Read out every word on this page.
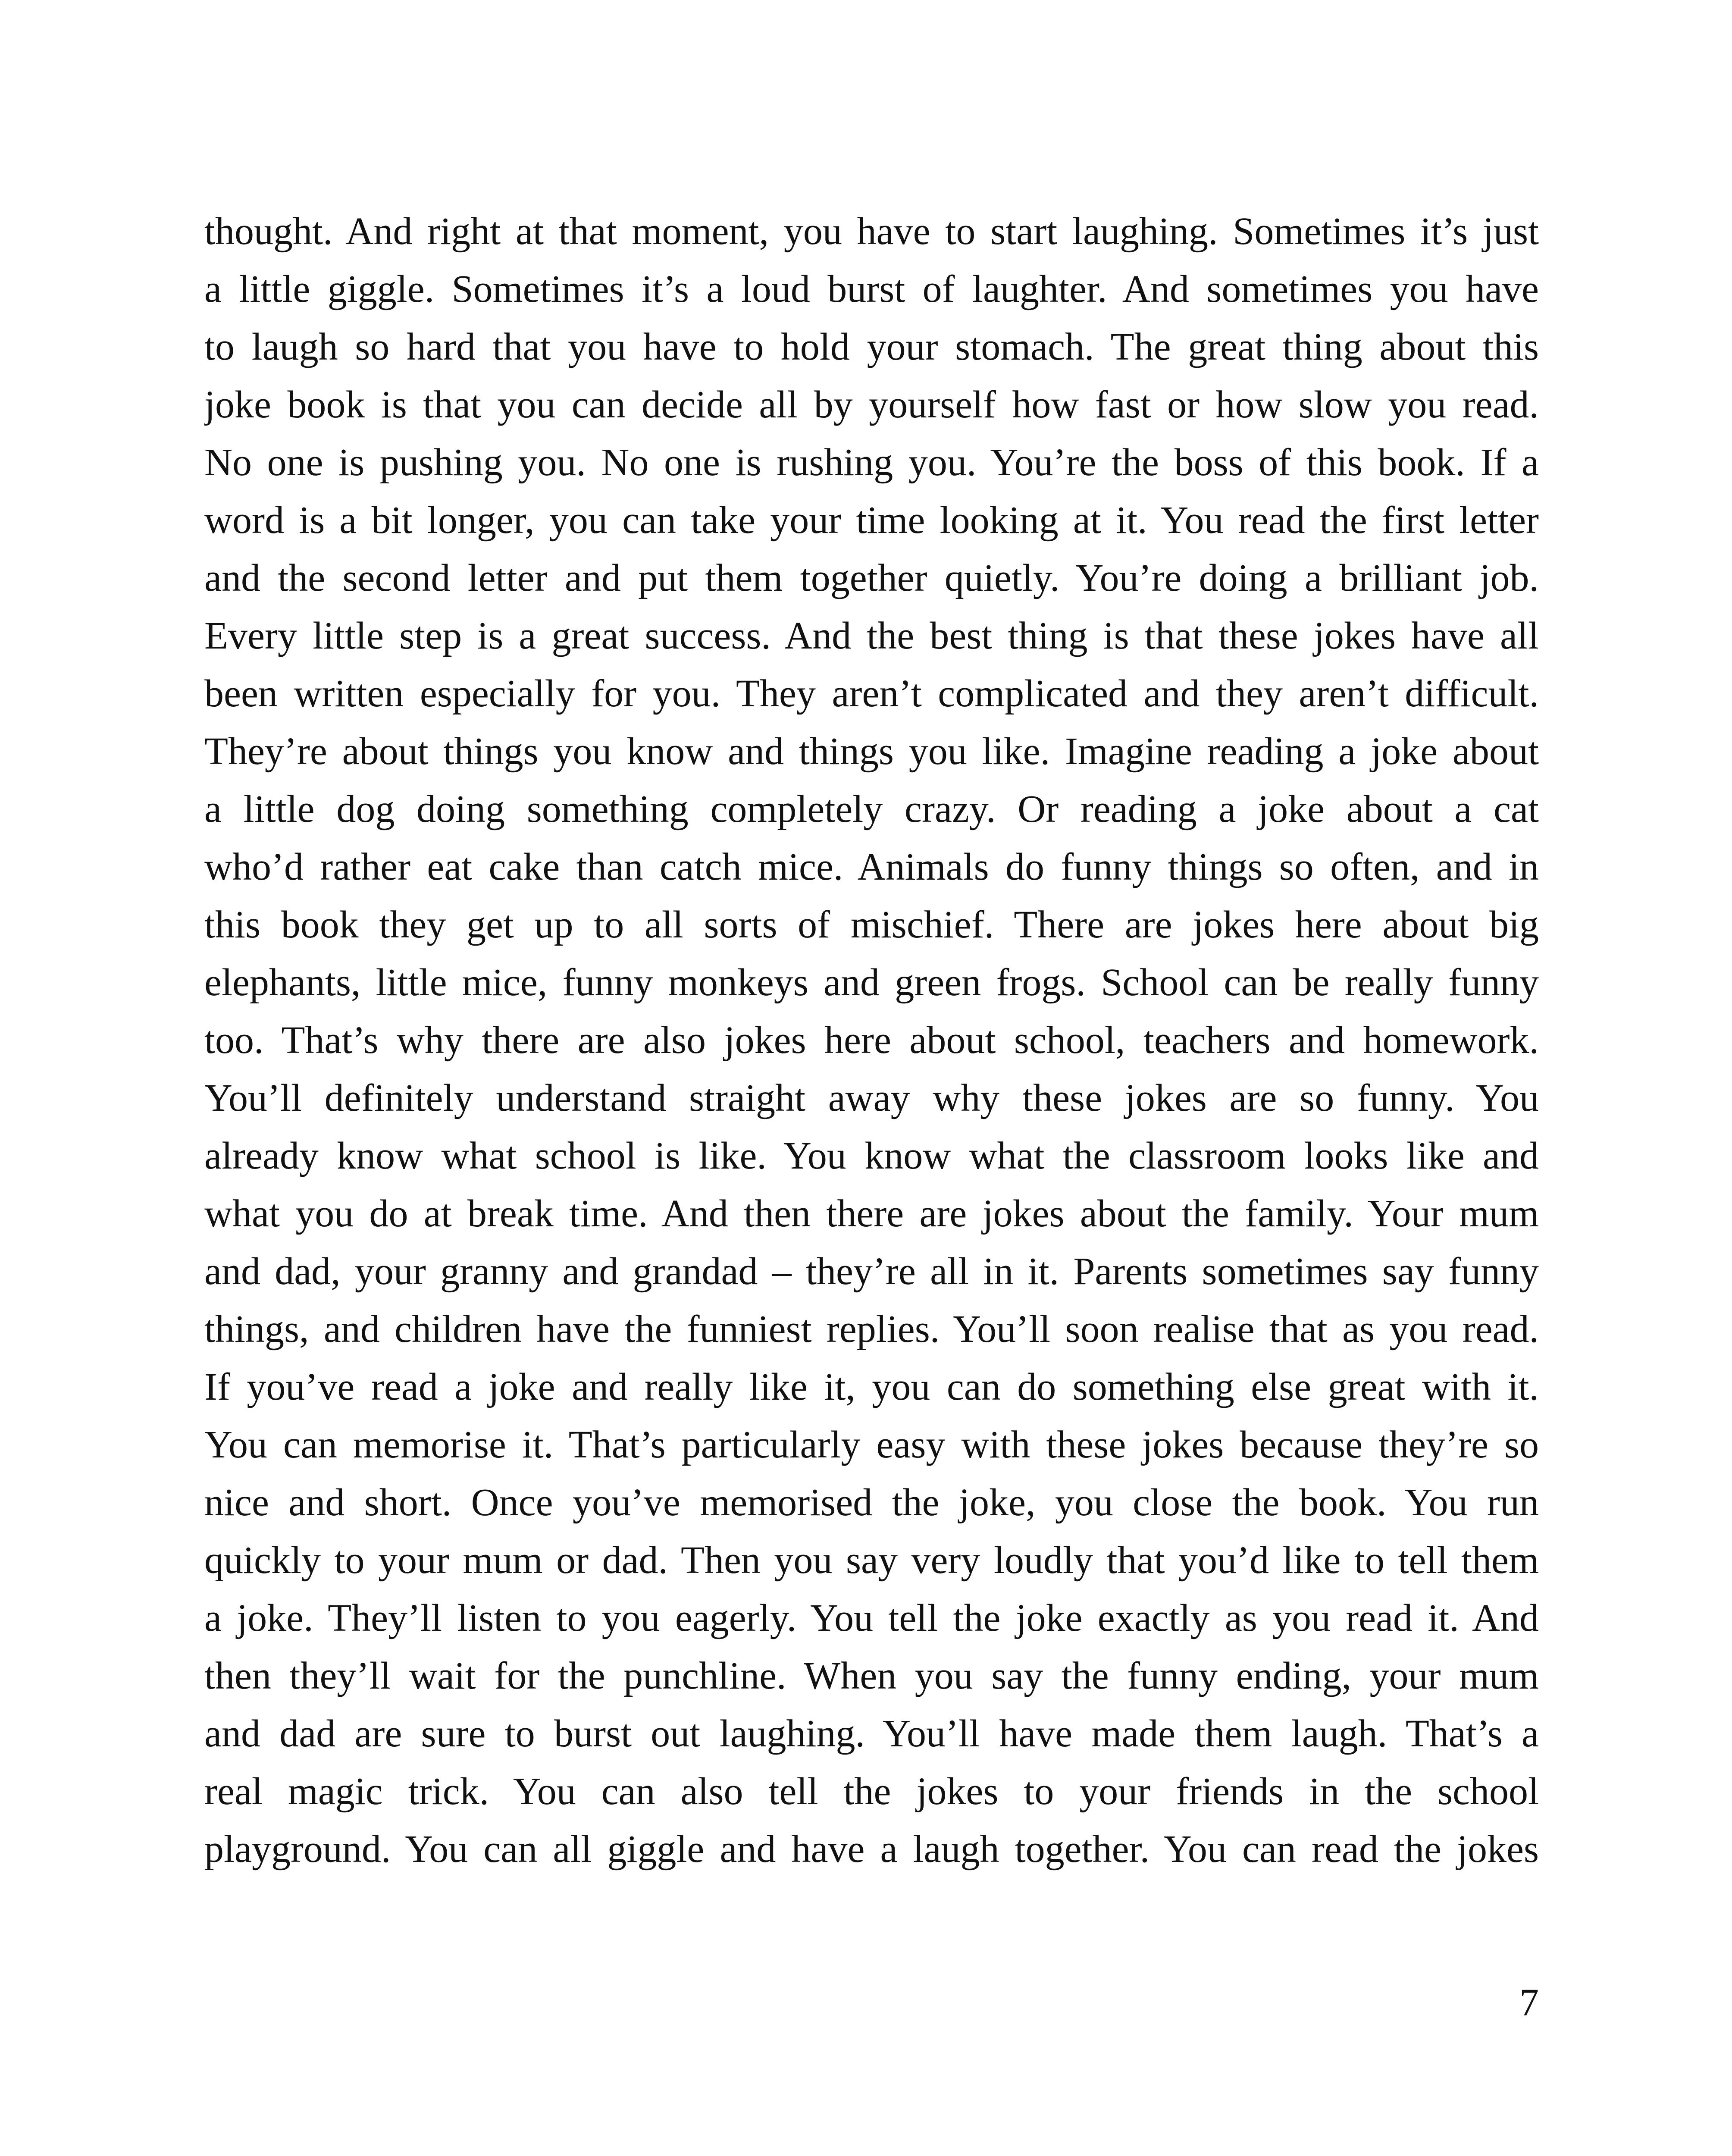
thought. And right at that moment, you have to start laughing. Sometimes it’s just
a little giggle. Sometimes it’s a loud burst of laughter. And sometimes you have
to laugh so hard that you have to hold your stomach. The great thing about this
joke book is that you can decide all by yourself how fast or how slow you read.
No one is pushing you. No one is rushing you. You’re the boss of this book. If a
word is a bit longer, you can take your time looking at it. You read the first letter
and the second letter and put them together quietly. You’re doing a brilliant job.
Every little step is a great success. And the best thing is that these jokes have all
been written especially for you. They aren’t complicated and they aren’t difficult.
They’re about things you know and things you like. Imagine reading a joke about
a little dog doing something completely crazy. Or reading a joke about a cat
who’d rather eat cake than catch mice. Animals do funny things so often, and in
this book they get up to all sorts of mischief. There are jokes here about big
elephants, little mice, funny monkeys and green frogs. School can be really funny
too. That’s why there are also jokes here about school, teachers and homework.
You’ll definitely understand straight away why these jokes are so funny. You
already know what school is like. You know what the classroom looks like and
what you do at break time. And then there are jokes about the family. Your mum
and dad, your granny and grandad – they’re all in it. Parents sometimes say funny
things, and children have the funniest replies. You’ll soon realise that as you read.
If you’ve read a joke and really like it, you can do something else great with it.
You can memorise it. That’s particularly easy with these jokes because they’re so
nice and short. Once you’ve memorised the joke, you close the book. You run
quickly to your mum or dad. Then you say very loudly that you’d like to tell them
a joke. They’ll listen to you eagerly. You tell the joke exactly as you read it. And
then they’ll wait for the punchline. When you say the funny ending, your mum
and dad are sure to burst out laughing. You’ll have made them laugh. That’s a
real magic trick. You can also tell the jokes to your friends in the school
playground. You can all giggle and have a laugh together. You can read the jokes
7
